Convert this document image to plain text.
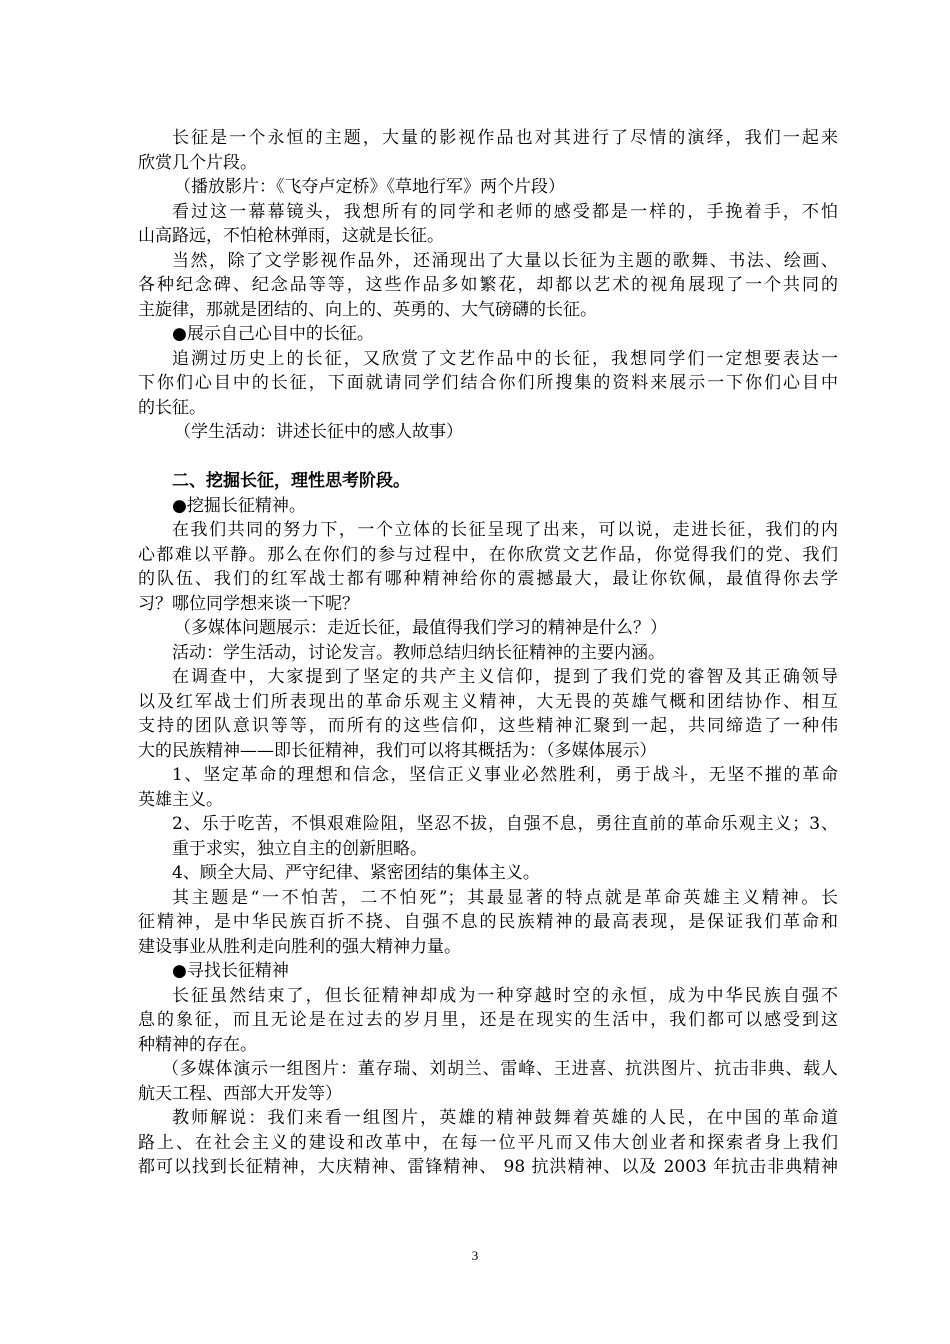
长征是一个永恒的主题，大量的影视作品也对其进行了尽情的演绎，我们一起来
欣赏几个片段。
（播放影片：《飞夺卢定桥》《草地行军》两个片段）
看过这一幕幕镜头，我想所有的同学和老师的感受都是一样的，手挽着手，不怕
山高路远，不怕枪林弹雨，这就是长征。
当然，除了文学影视作品外，还涌现出了大量以长征为主题的歌舞、书法、绘画、
各种纪念碑、纪念品等等，这些作品多如繁花，却都以艺术的视角展现了一个共同的
主旋律，那就是团结的、向上的、英勇的、大气磅礴的长征。
●展示自己心目中的长征。
追溯过历史上的长征，又欣赏了文艺作品中的长征，我想同学们一定想要表达一
下你们心目中的长征，下面就请同学们结合你们所搜集的资料来展示一下你们心目中
的长征。
（学生活动：讲述长征中的感人故事）
二、挖掘长征，理性思考阶段。
●挖掘长征精神。
在我们共同的努力下，一个立体的长征呈现了出来，可以说，走进长征，我们的内
心都难以平静。那么在你们的参与过程中，在你欣赏文艺作品，你觉得我们的党、我们
的队伍、我们的红军战士都有哪种精神给你的震撼最大，最让你钦佩，最值得你去学
习？哪位同学想来谈一下呢？
（多媒体问题展示：走近长征，最值得我们学习的精神是什么？）
活动：学生活动，讨论发言。教师总结归纳长征精神的主要内涵。
在调查中，大家提到了坚定的共产主义信仰，提到了我们党的睿智及其正确领导
以及红军战士们所表现出的革命乐观主义精神，大无畏的英雄气概和团结协作、相互
支持的团队意识等等，而所有的这些信仰，这些精神汇聚到一起，共同缔造了一种伟
大的民族精神——即长征精神，我们可以将其概括为：（多媒体展示）
1、坚定革命的理想和信念，坚信正义事业必然胜利，勇于战斗，无坚不摧的革命
英雄主义。
2、乐于吃苦，不惧艰难险阻，坚忍不拔，自强不息，勇往直前的革命乐观主义；3、
重于求实，独立自主的创新胆略。
4、顾全大局、严守纪律、紧密团结的集体主义。
其主题是“一不怕苦，二不怕死”；其最显著的特点就是革命英雄主义精神。长
征精神，是中华民族百折不挠、自强不息的民族精神的最高表现，是保证我们革命和
建设事业从胜利走向胜利的强大精神力量。
●寻找长征精神
长征虽然结束了，但长征精神却成为一种穿越时空的永恒，成为中华民族自强不
息的象征，而且无论是在过去的岁月里，还是在现实的生活中，我们都可以感受到这
种精神的存在。
（多媒体演示一组图片：董存瑞、刘胡兰、雷峰、王进喜、抗洪图片、抗击非典、载人
航天工程、西部大开发等）
教师解说：我们来看一组图片，英雄的精神鼓舞着英雄的人民，在中国的革命道
路上、在社会主义的建设和改革中，在每一位平凡而又伟大创业者和探索者身上我们
都可以找到长征精神，大庆精神、雷锋精神、 98 抗洪精神、以及 2003 年抗击非典精神
3
